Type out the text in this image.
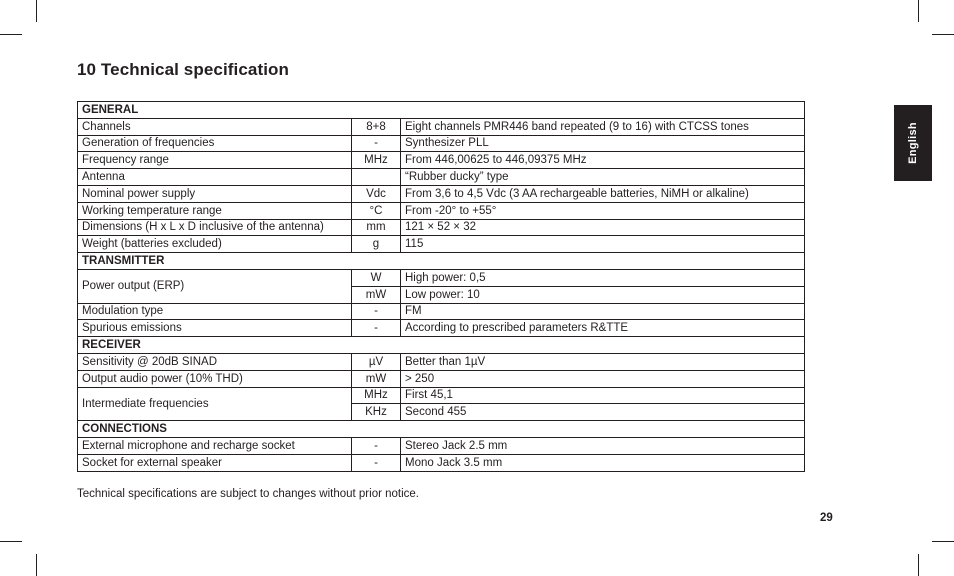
10 Technical specification
English
GENERAL		
Channels	8+8	Eight channels PMR446 band repeated (9 to 16) with CTCSS tones
Generation of frequencies	-	Synthesizer PLL
Frequency range	MHz	From 446,00625 to 446,09375 MHz
Antenna		“Rubber ducky” type
Nominal power supply	Vdc	From 3,6 to 4,5 Vdc (3 AA rechargeable batteries, NiMH or alkaline)
Working temperature range	°C	From -20° to +55°
Dimensions (H x L x D inclusive of the antenna)	mm	121 × 52 × 32
Weight (batteries excluded)	g	115
TRANSMITTER		
Power output (ERP)	W	High power: 0,5
	mW	Low power: 10
Modulation type	-	FM
Spurious emissions	-	According to prescribed parameters R&TTE
RECEIVER		
Sensitivity @ 20dB SINAD	µV	Better than 1µV
Output audio power (10% THD)	mW	> 250
Intermediate frequencies	MHz	First 45,1
	KHz	Second 455
CONNECTIONS		
External microphone and recharge socket	-	Stereo Jack 2.5 mm
Socket for external speaker	-	Mono Jack 3.5 mm
Technical specifications are subject to changes without prior notice.
29
